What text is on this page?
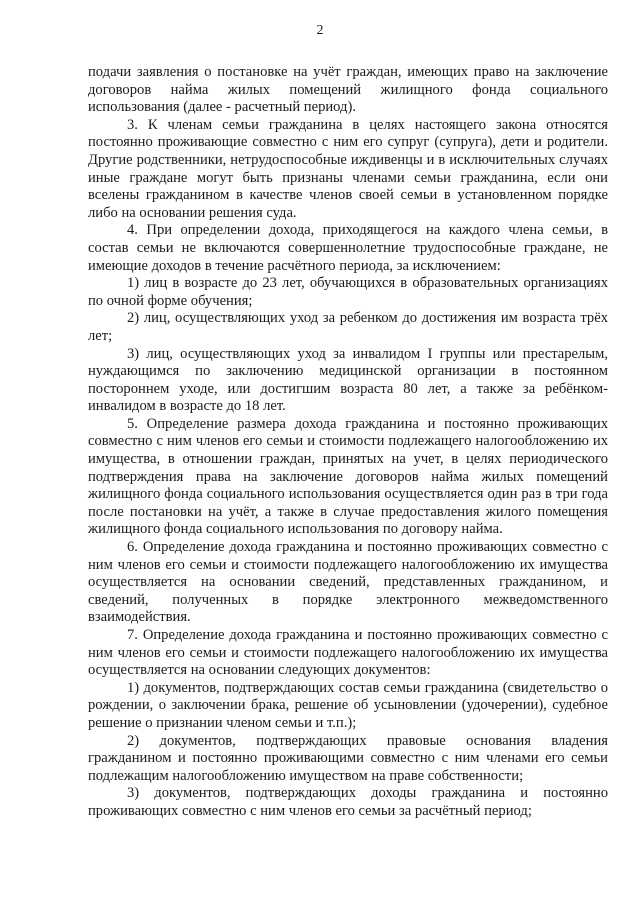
2

подачи заявления о постановке на учёт граждан, имеющих право на заключение договоров найма жилых помещений жилищного фонда социального использования (далее - расчетный период).

3. К членам семьи гражданина в целях настоящего закона относятся постоянно проживающие совместно с ним его супруг (супруга), дети и родители. Другие родственники, нетрудоспособные иждивенцы и в исключительных случаях иные граждане могут быть признаны членами семьи гражданина, если они вселены гражданином в качестве членов своей семьи в установленном порядке либо на основании решения суда.

4. При определении дохода, приходящегося на каждого члена семьи, в состав семьи не включаются совершеннолетние трудоспособные граждане, не имеющие доходов в течение расчётного периода, за исключением:

1) лиц в возрасте до 23 лет, обучающихся в образовательных организациях по очной форме обучения;

2) лиц, осуществляющих уход за ребенком до достижения им возраста трёх лет;

3) лиц, осуществляющих уход за инвалидом I группы или престарелым, нуждающимся по заключению медицинской организации в постоянном постороннем уходе, или достигшим возраста 80 лет, а также за ребёнком-инвалидом в возрасте до 18 лет.

5. Определение размера дохода гражданина и постоянно проживающих совместно с ним членов его семьи и стоимости подлежащего налогообложению их имущества, в отношении граждан, принятых на учет, в целях периодического подтверждения права на заключение договоров найма жилых помещений жилищного фонда социального использования осуществляется один раз в три года после постановки на учёт, а также в случае предоставления жилого помещения жилищного фонда социального использования по договору найма.

6. Определение дохода гражданина и постоянно проживающих совместно с ним членов его семьи и стоимости подлежащего налогообложению их имущества осуществляется на основании сведений, представленных гражданином, и сведений, полученных в порядке электронного межведомственного взаимодействия.

7. Определение дохода гражданина и постоянно проживающих совместно с ним членов его семьи и стоимости подлежащего налогообложению их имущества осуществляется на основании следующих документов:

1) документов, подтверждающих состав семьи гражданина (свидетельство о рождении, о заключении брака, решение об усыновлении (удочерении), судебное решение о признании членом семьи и т.п.);

2) документов, подтверждающих правовые основания владения гражданином и постоянно проживающими совместно с ним членами его семьи подлежащим налогообложению имуществом на праве собственности;

3) документов, подтверждающих доходы гражданина и постоянно проживающих совместно с ним членов его семьи за расчётный период;
